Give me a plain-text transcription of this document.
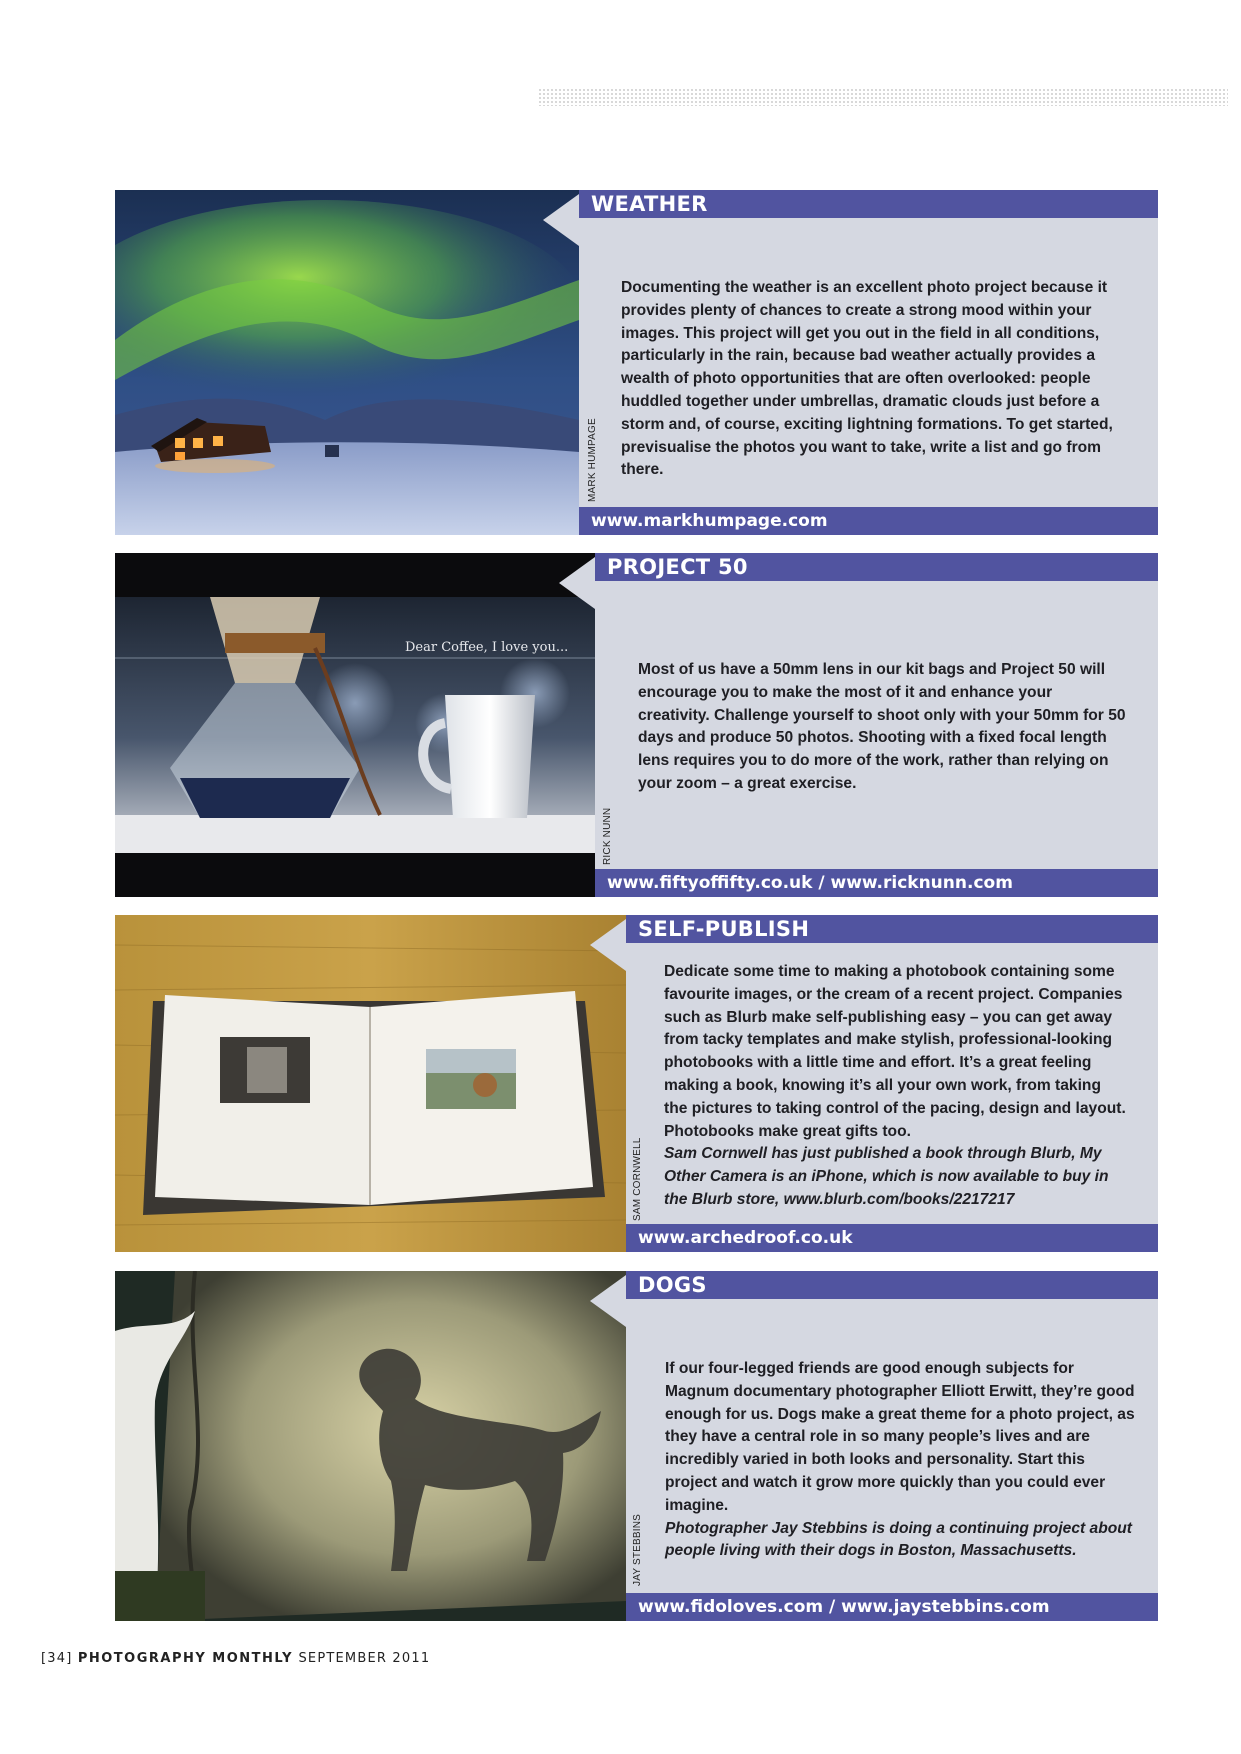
WEATHER
MARK HUMPAGE

Documenting the weather is an excellent photo project because it provides plenty of chances to create a strong mood within your images. This project will get you out in the field in all conditions, particularly in the rain, because bad weather actually provides a wealth of photo opportunities that are often overlooked: people huddled together under umbrellas, dramatic clouds just before a storm and, of course, exciting lightning formations. To get started, previsualise the photos you want to take, write a list and go from there.

www.markhumpage.com
Dear Coffee, I love you...
PROJECT 50
RICK NUNN

Most of us have a 50mm lens in our kit bags and Project 50 will encourage you to make the most of it and enhance your creativity. Challenge yourself to shoot only with your 50mm for 50 days and produce 50 photos. Shooting with a fixed focal length lens requires you to do more of the work, rather than relying on your zoom – a great exercise.

www.fiftyoffifty.co.uk / www.ricknunn.com
SELF-PUBLISH
SAM CORNWELL

Dedicate some time to making a photobook containing some favourite images, or the cream of a recent project. Companies such as Blurb make self-publishing easy – you can get away from tacky templates and make stylish, professional-looking photobooks with a little time and effort. It’s a great feeling making a book, knowing it’s all your own work, from taking the pictures to taking control of the pacing, design and layout. Photobooks make great gifts too.

Sam Cornwell has just published a book through Blurb, My Other Camera is an iPhone, which is now available to buy in the Blurb store, www.blurb.com/books/2217217

www.archedroof.co.uk
DOGS
JAY STEBBINS

If our four-legged friends are good enough subjects for Magnum documentary photographer Elliott Erwitt, they’re good enough for us. Dogs make a great theme for a photo project, as they have a central role in so many people’s lives and are incredibly varied in both looks and personality. Start this project and watch it grow more quickly than you could ever imagine.

Photographer Jay Stebbins is doing a continuing project about people living with their dogs in Boston, Massachusetts.

www.fidoloves.com / www.jaystebbins.com
[34] PHOTOGRAPHY MONTHLY SEPTEMBER 2011
